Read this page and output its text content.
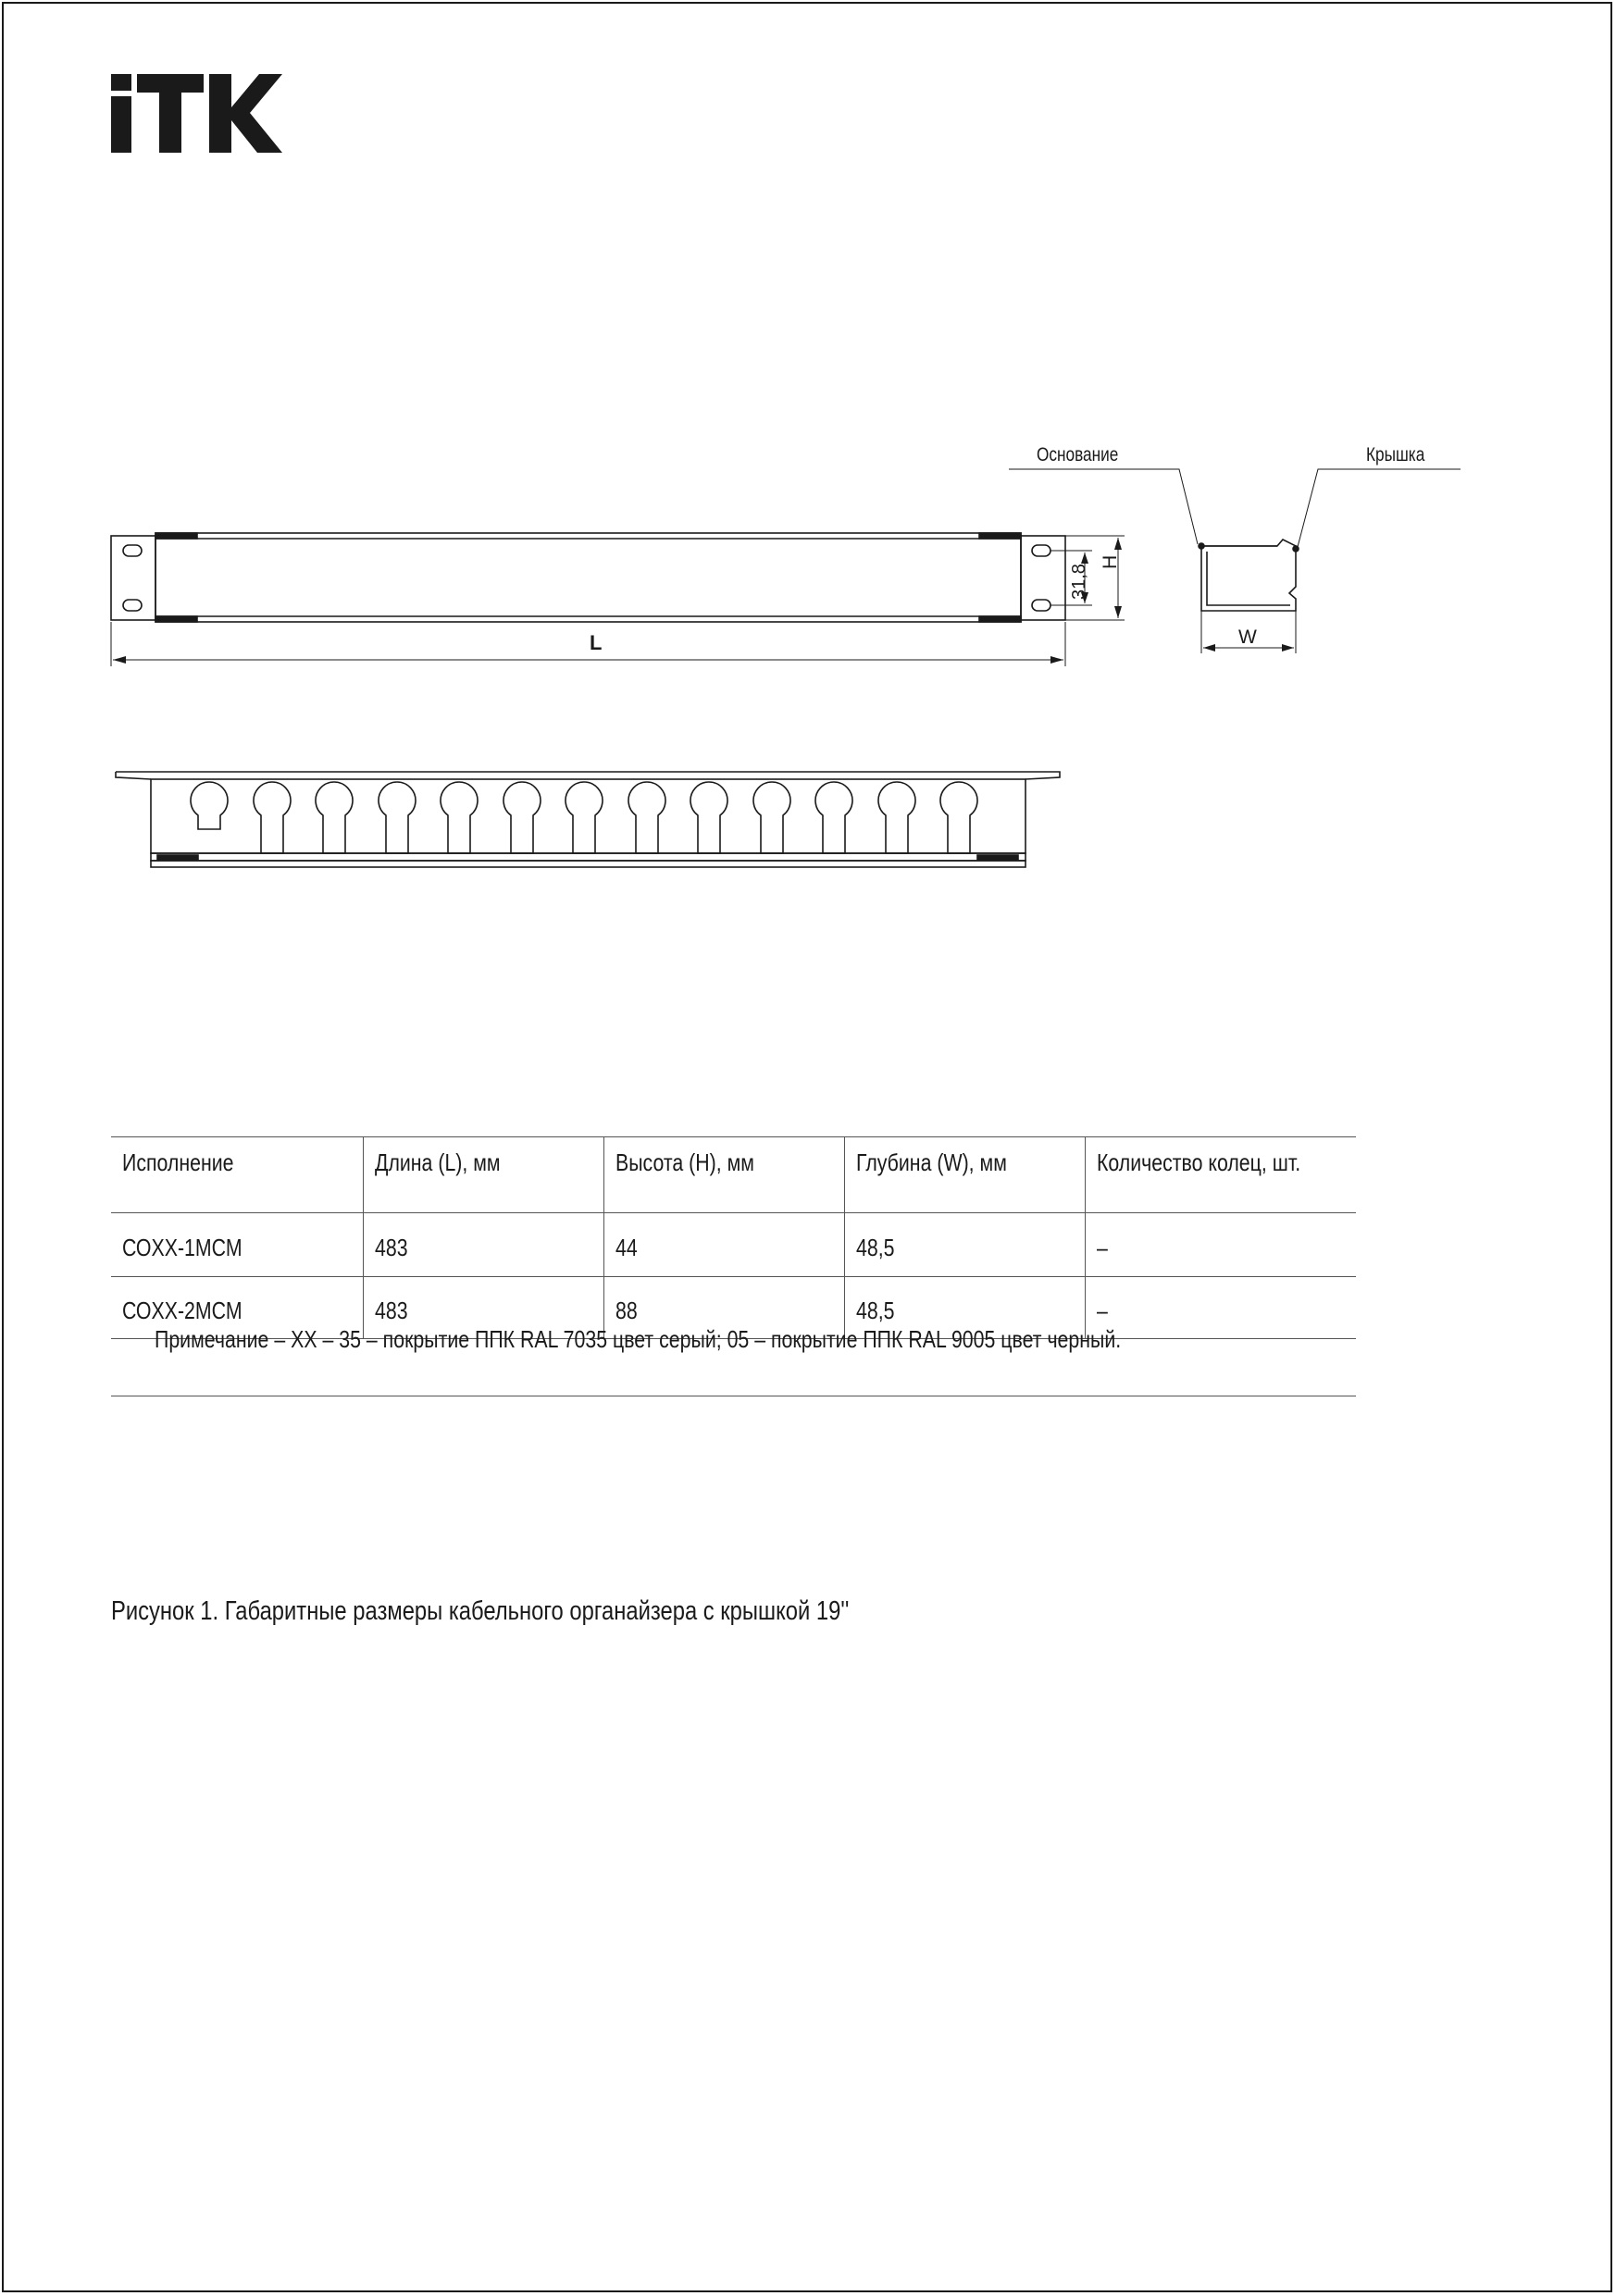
Основание	Крышка
L
H
31,8
W
Исполнение	Длина (L), мм	Высота (H), мм	Глубина (W), мм	Количество колец, шт.
СОXX-1МСМ	483	44	48,5	–
СОXX-2МСМ	483	88	48,5	–
Примечание – XX – 35 – покрытие ППК RAL 7035 цвет серый; 05 – покрытие ППК RAL 9005 цвет черный.
Рисунок 1. Габаритные размеры кабельного органайзера с крышкой 19''
